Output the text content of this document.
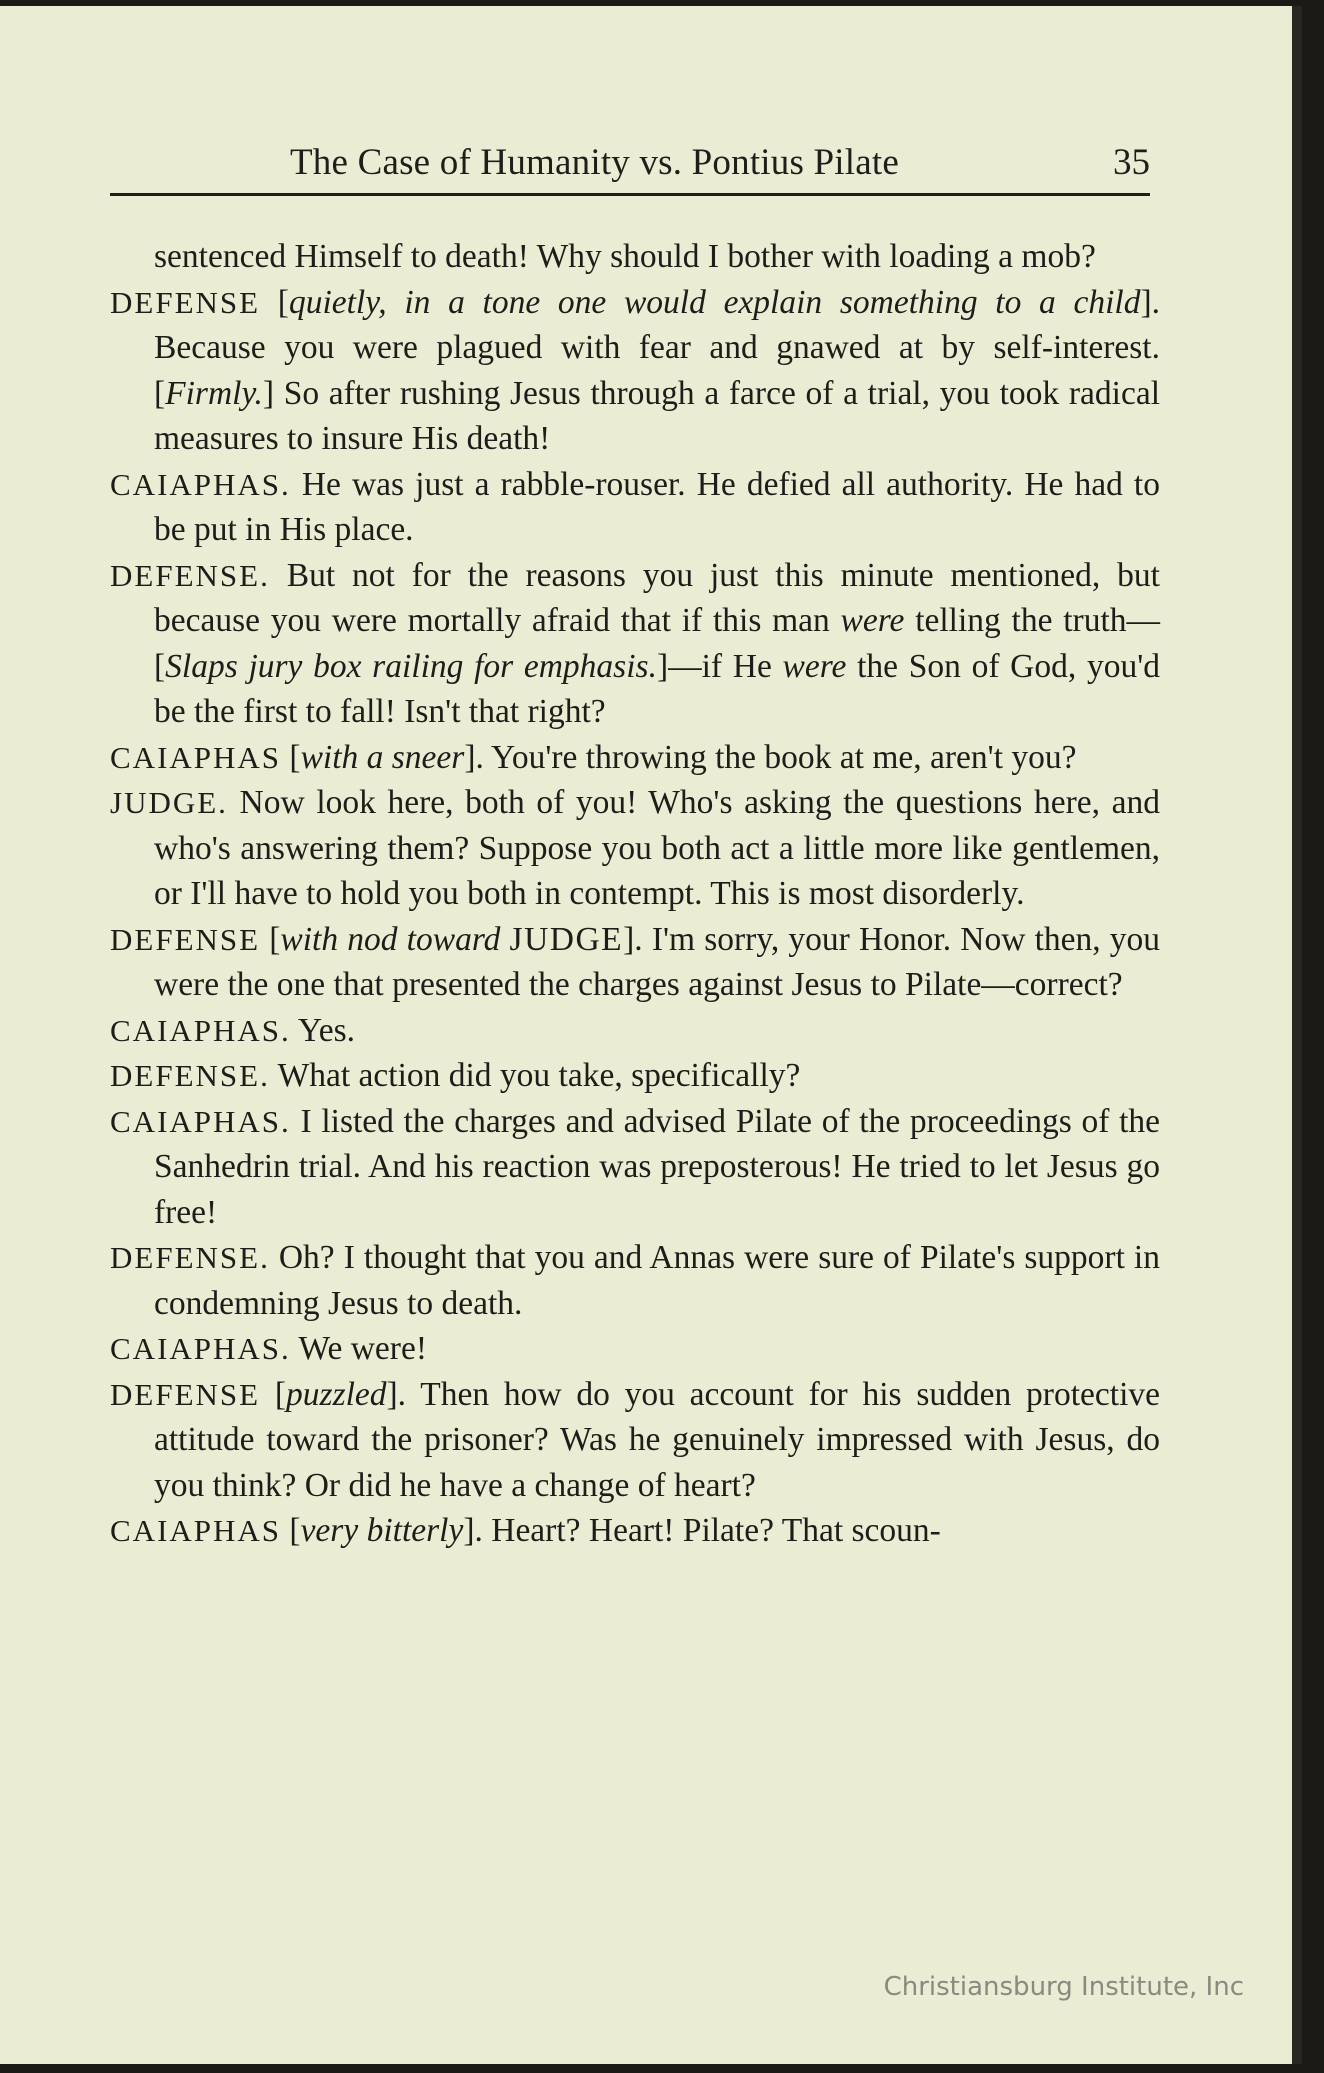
The Case of Humanity vs. Pontius Pilate	35

sentenced Himself to death! Why should I bother with loading a mob?

DEFENSE [quietly, in a tone one would explain something to a child]. Because you were plagued with fear and gnawed at by self-interest. [Firmly.] So after rushing Jesus through a farce of a trial, you took radical measures to insure His death!

CAIAPHAS. He was just a rabble-rouser. He defied all authority. He had to be put in His place.

DEFENSE. But not for the reasons you just this minute mentioned, but because you were mortally afraid that if this man were telling the truth—[Slaps jury box railing for emphasis.]—if He were the Son of God, you'd be the first to fall! Isn't that right?

CAIAPHAS [with a sneer]. You're throwing the book at me, aren't you?

JUDGE. Now look here, both of you! Who's asking the questions here, and who's answering them? Suppose you both act a little more like gentlemen, or I'll have to hold you both in contempt. This is most disorderly.

DEFENSE [with nod toward JUDGE]. I'm sorry, your Honor. Now then, you were the one that presented the charges against Jesus to Pilate—correct?

CAIAPHAS. Yes.

DEFENSE. What action did you take, specifically?

CAIAPHAS. I listed the charges and advised Pilate of the proceedings of the Sanhedrin trial. And his reaction was preposterous! He tried to let Jesus go free!

DEFENSE. Oh? I thought that you and Annas were sure of Pilate's support in condemning Jesus to death.

CAIAPHAS. We were!

DEFENSE [puzzled]. Then how do you account for his sudden protective attitude toward the prisoner? Was he genuinely impressed with Jesus, do you think? Or did he have a change of heart?

CAIAPHAS [very bitterly]. Heart? Heart! Pilate? That scoun-

Christiansburg Institute, Inc
